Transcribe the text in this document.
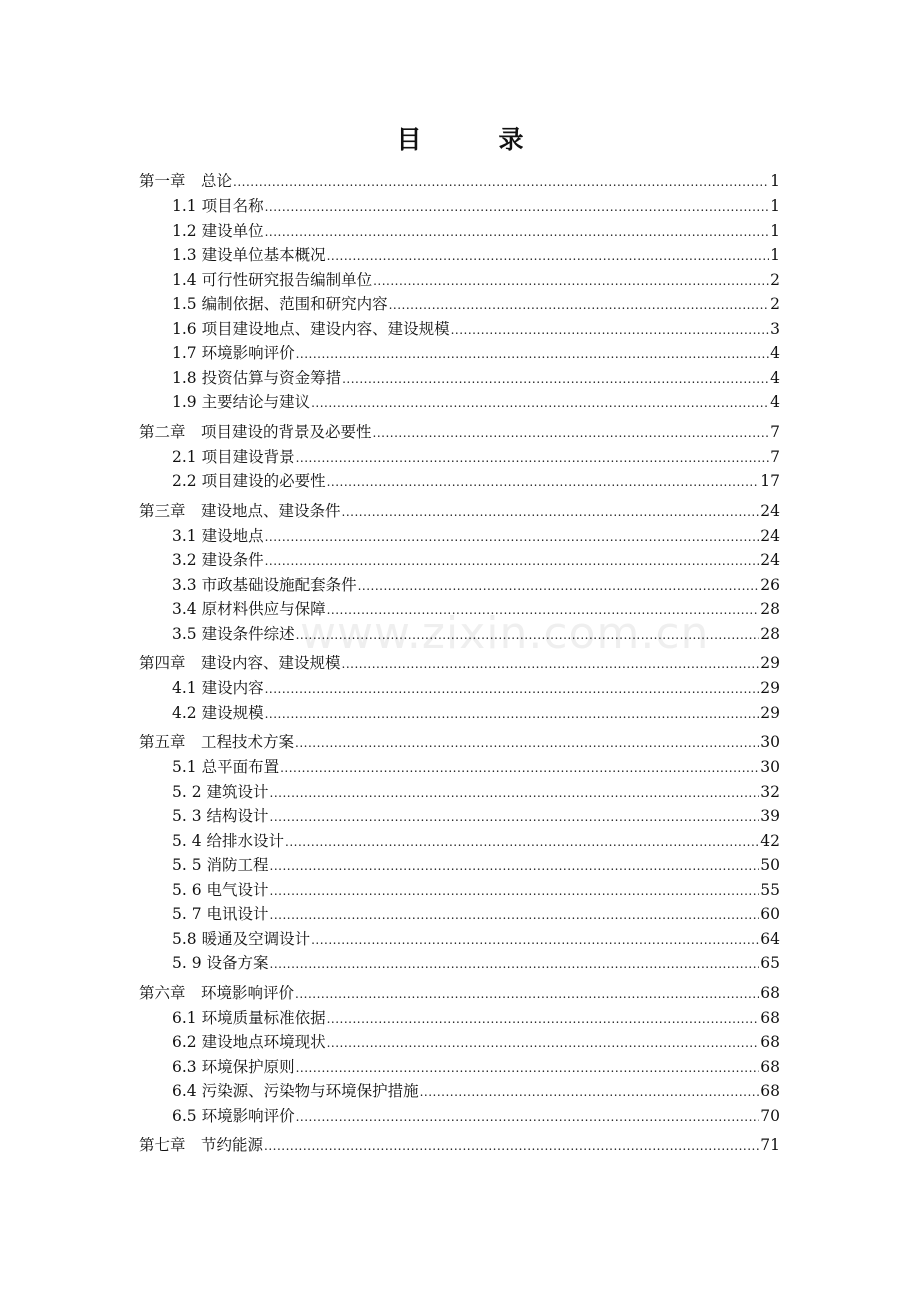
目　录
www.zixin.com.cn
第一章　总论 .....	1
1.1 项目名称 .....	1
1.2 建设单位 .....	1
1.3 建设单位基本概况 .....	1
1.4 可行性研究报告编制单位 .....	2
1.5 编制依据、范围和研究内容 .....	2
1.6 项目建设地点、建设内容、建设规模 .....	3
1.7 环境影响评价 .....	4
1.8 投资估算与资金筹措 .....	4
1.9 主要结论与建议 .....	4
第二章　项目建设的背景及必要性 .....	7
2.1 项目建设背景 .....	7
2.2 项目建设的必要性 .....	17
第三章　建设地点、建设条件 .....	24
3.1 建设地点 .....	24
3.2 建设条件 .....	24
3.3 市政基础设施配套条件 .....	26
3.4 原材料供应与保障 .....	28
3.5 建设条件综述 .....	28
第四章　建设内容、建设规模 .....	29
4.1 建设内容 .....	29
4.2 建设规模 .....	29
第五章　工程技术方案 .....	30
5.1 总平面布置 .....	30
5. 2 建筑设计 .....	32
5. 3 结构设计 .....	39
5. 4 给排水设计 .....	42
5. 5 消防工程 .....	50
5. 6 电气设计 .....	55
5. 7 电讯设计 .....	60
5.8 暖通及空调设计 .....	64
5. 9 设备方案 .....	65
第六章　环境影响评价 .....	68
6.1 环境质量标准依据 .....	68
6.2 建设地点环境现状 .....	68
6.3 环境保护原则 .....	68
6.4 污染源、污染物与环境保护措施 .....	68
6.5 环境影响评价 .....	70
第七章　节约能源 .....	71
